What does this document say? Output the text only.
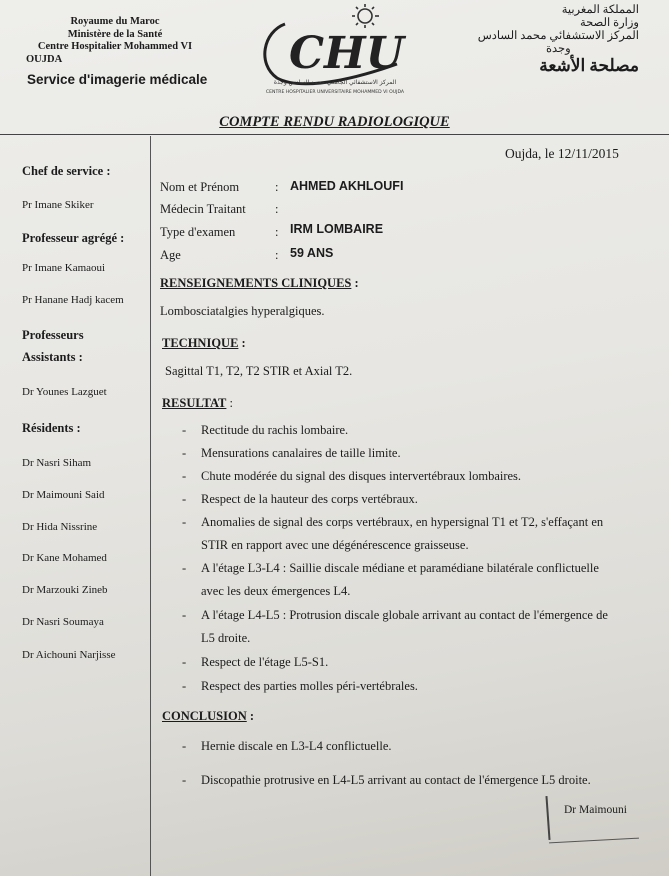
Royaume du Maroc
Ministère de la Santé
Centre Hospitalier Mohammed VI
OUJDA
Service d'imagerie médicale
CHU
المركز الاستشفائي الجامعي محمد السادس وجدة
CENTRE HOSPITALIER UNIVERSITAIRE MOHAMMED VI OUJDA
المملكة المغربية
وزارة الصحة
المركز الاستشفائي محمد السادس
وجدة
مصلحة الأشعة
COMPTE RENDU RADIOLOGIQUE
Chef de service :
Pr Imane Skiker
Professeur agrégé :
Pr Imane Kamaoui
Pr Hanane Hadj kacem
Professeurs
Assistants :
Dr Younes Lazguet
Résidents :
Dr Nasri Siham
Dr Maimouni Said
Dr Hida Nissrine
Dr Kane Mohamed
Dr Marzouki Zineb
Dr Nasri Soumaya
Dr Aichouni Narjisse
Oujda, le 12/11/2015
Nom et Prénom	: AHMED AKHLOUFI
Médecin Traitant :
Type d'examen	: IRM LOMBAIRE
Age	: 59 ANS
RENSEIGNEMENTS CLINIQUES :
Lombosciatalgies hyperalgiques.
TECHNIQUE :
Sagittal T1, T2, T2 STIR et Axial T2.
RESULTAT :
- Rectitude du rachis lombaire.
- Mensurations canalaires de taille limite.
- Chute modérée du signal des disques intervertébraux lombaires.
- Respect de la hauteur des corps vertébraux.
- Anomalies de signal des corps vertébraux, en hypersignal T1 et T2, s'effaçant en
STIR en rapport avec une dégénérescence graisseuse.
- A l'étage L3-L4 : Saillie discale médiane et paramédiane bilatérale conflictuelle
avec les deux émergences L4.
- A l'étage L4-L5 : Protrusion discale globale arrivant au contact de l'émergence de
L5 droite.
- Respect de l'étage L5-S1.
- Respect des parties molles péri-vertébrales.
CONCLUSION :
- Hernie discale en L3-L4 conflictuelle.
- Discopathie protrusive en L4-L5 arrivant au contact de l'émergence L5 droite.
Dr Maimouni
